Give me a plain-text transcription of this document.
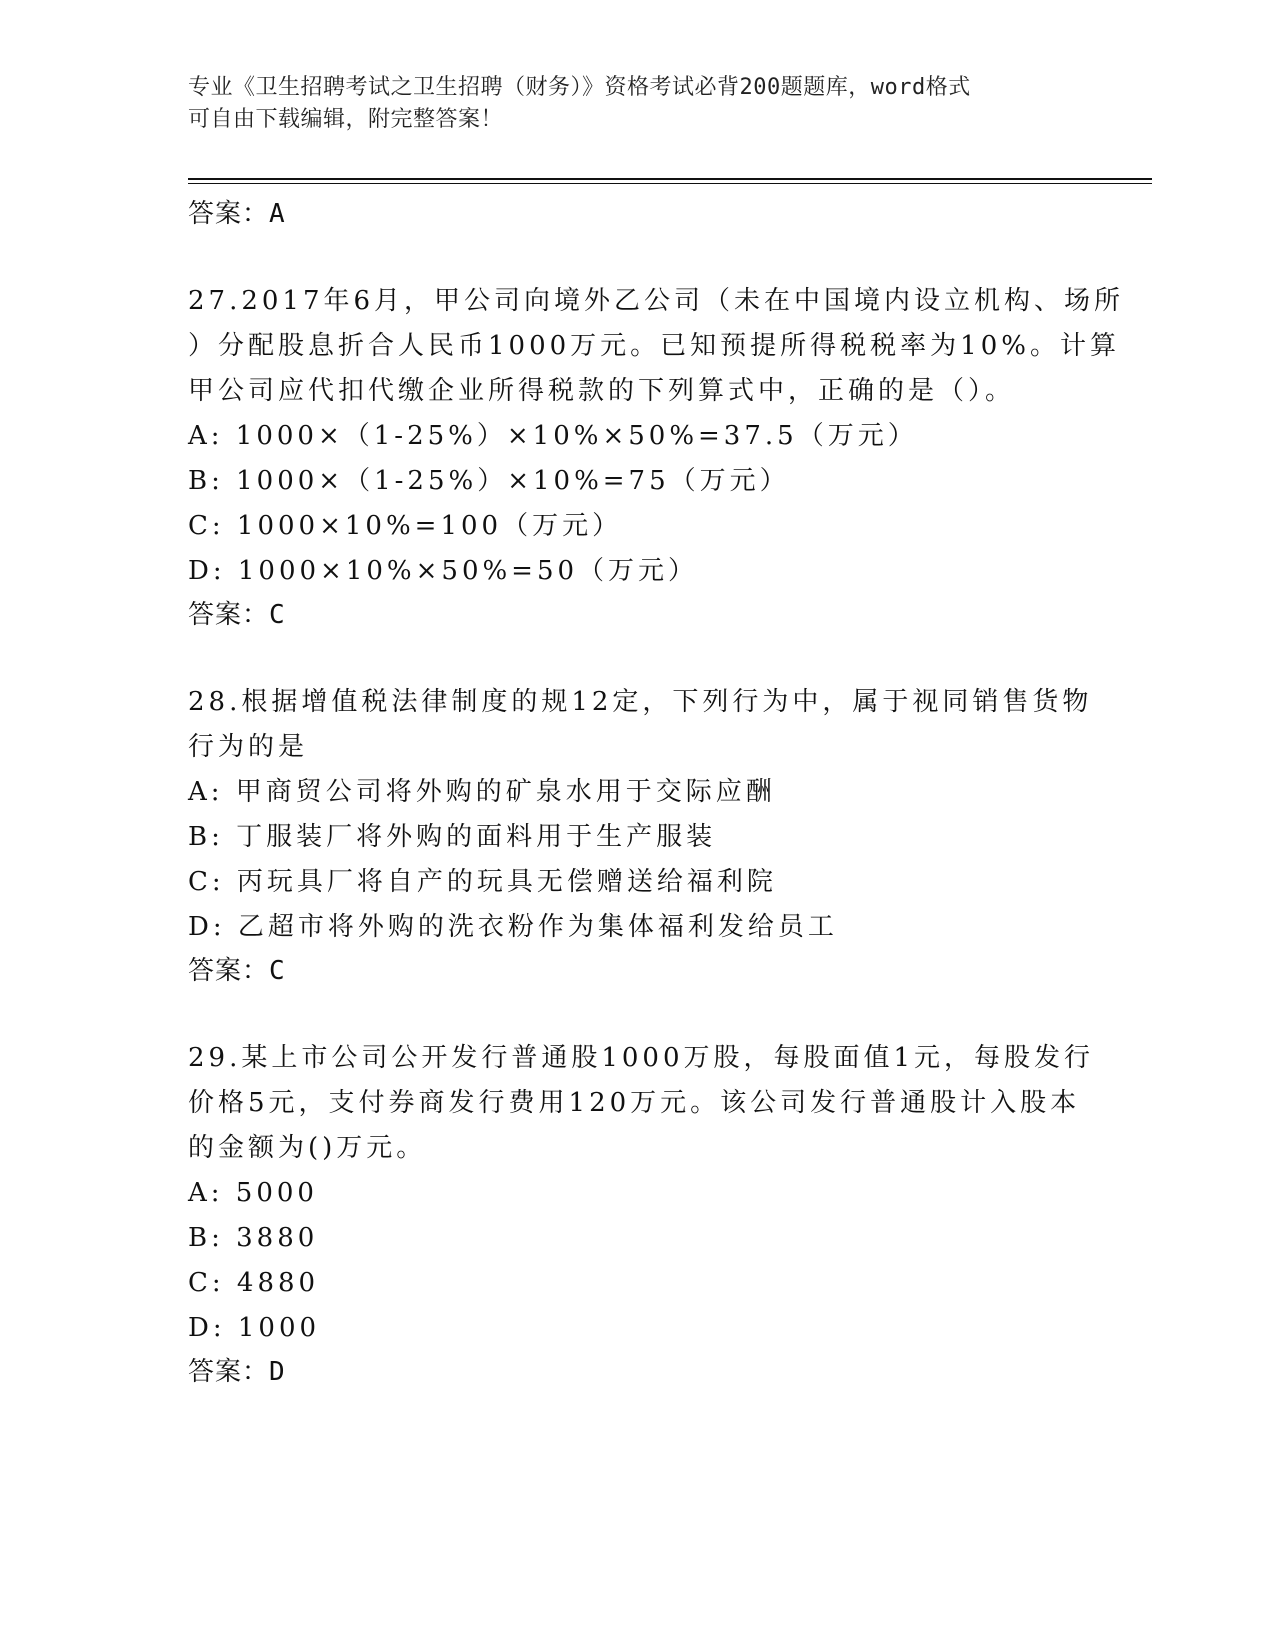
专业《卫生招聘考试之卫生招聘（财务）》资格考试必背200题题库，word格式
可自由下载编辑，附完整答案！
答案：A
27.2017年6月，甲公司向境外乙公司（未在中国境内设立机构、场所
）分配股息折合人民币1000万元。已知预提所得税税率为10%。计算
甲公司应代扣代缴企业所得税款的下列算式中，正确的是（）。
A: 1000×（1-25%）×10%×50%=37.5（万元）
B: 1000×（1-25%）×10%=75（万元）
C: 1000×10%=100（万元）
D: 1000×10%×50%=50（万元）
答案：C
28.根据增值税法律制度的规12定，下列行为中，属于视同销售货物
行为的是
A: 甲商贸公司将外购的矿泉水用于交际应酬
B: 丁服装厂将外购的面料用于生产服装
C: 丙玩具厂将自产的玩具无偿赠送给福利院
D: 乙超市将外购的洗衣粉作为集体福利发给员工
答案：C
29.某上市公司公开发行普通股1000万股，每股面值1元，每股发行
价格5元，支付券商发行费用120万元。该公司发行普通股计入股本
的金额为()万元。
A: 5000
B: 3880
C: 4880
D: 1000
答案：D
